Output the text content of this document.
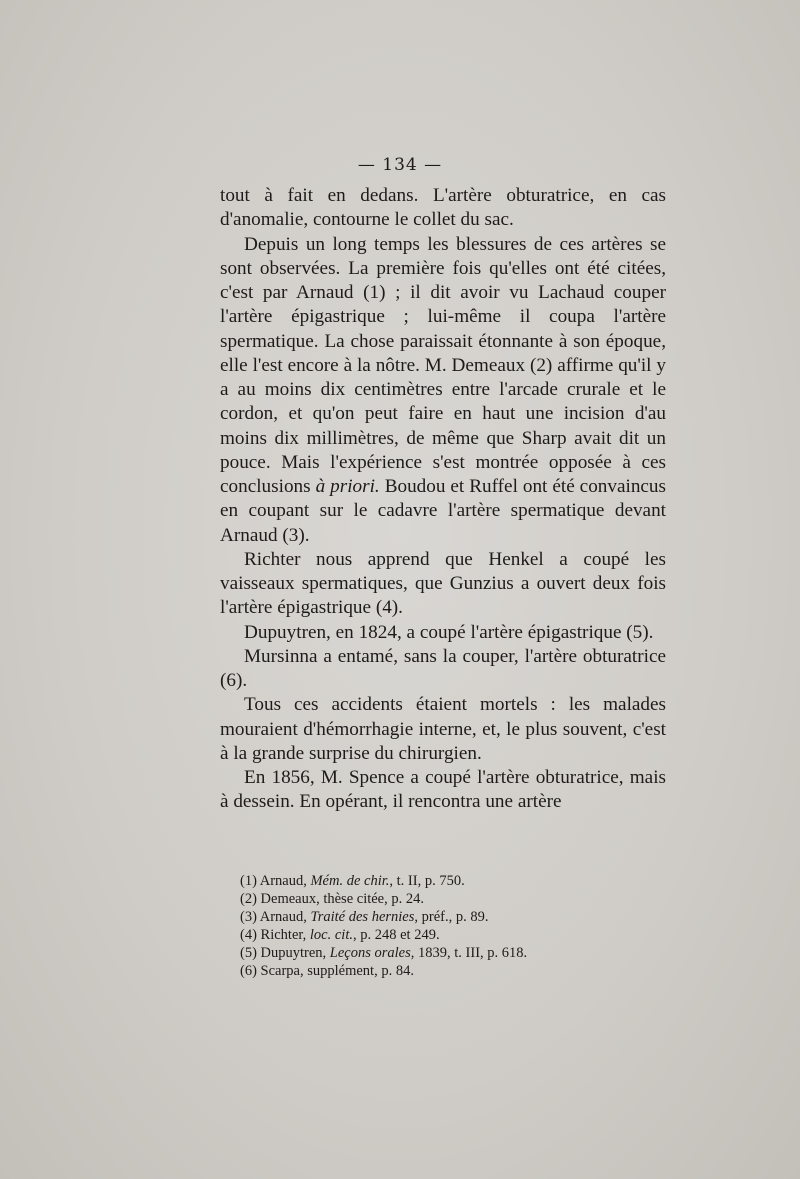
— 134 —

tout à fait en dedans. L'artère obturatrice, en cas d'anomalie, contourne le collet du sac.

Depuis un long temps les blessures de ces artères se sont observées. La première fois qu'elles ont été citées, c'est par Arnaud (1) ; il dit avoir vu Lachaud couper l'artère épigastrique ; lui-même il coupa l'artère spermatique. La chose paraissait étonnante à son époque, elle l'est encore à la nôtre. M. Demeaux (2) affirme qu'il y a au moins dix centimètres entre l'arcade crurale et le cordon, et qu'on peut faire en haut une incision d'au moins dix millimètres, de même que Sharp avait dit un pouce. Mais l'expérience s'est montrée opposée à ces conclusions à priori. Boudou et Ruffel ont été convaincus en coupant sur le cadavre l'artère spermatique devant Arnaud (3).

Richter nous apprend que Henkel a coupé les vaisseaux spermatiques, que Gunzius a ouvert deux fois l'artère épigastrique (4).

Dupuytren, en 1824, a coupé l'artère épigastrique (5).

Mursinna a entamé, sans la couper, l'artère obturatrice (6).

Tous ces accidents étaient mortels : les malades mouraient d'hémorrhagie interne, et, le plus souvent, c'est à la grande surprise du chirurgien.

En 1856, M. Spence a coupé l'artère obturatrice, mais à dessein. En opérant, il rencontra une artère

(1) Arnaud, Mém. de chir., t. II, p. 750.
(2) Demeaux, thèse citée, p. 24.
(3) Arnaud, Traité des hernies, préf., p. 89.
(4) Richter, loc. cit., p. 248 et 249.
(5) Dupuytren, Leçons orales, 1839, t. III, p. 618.
(6) Scarpa, supplément, p. 84.
